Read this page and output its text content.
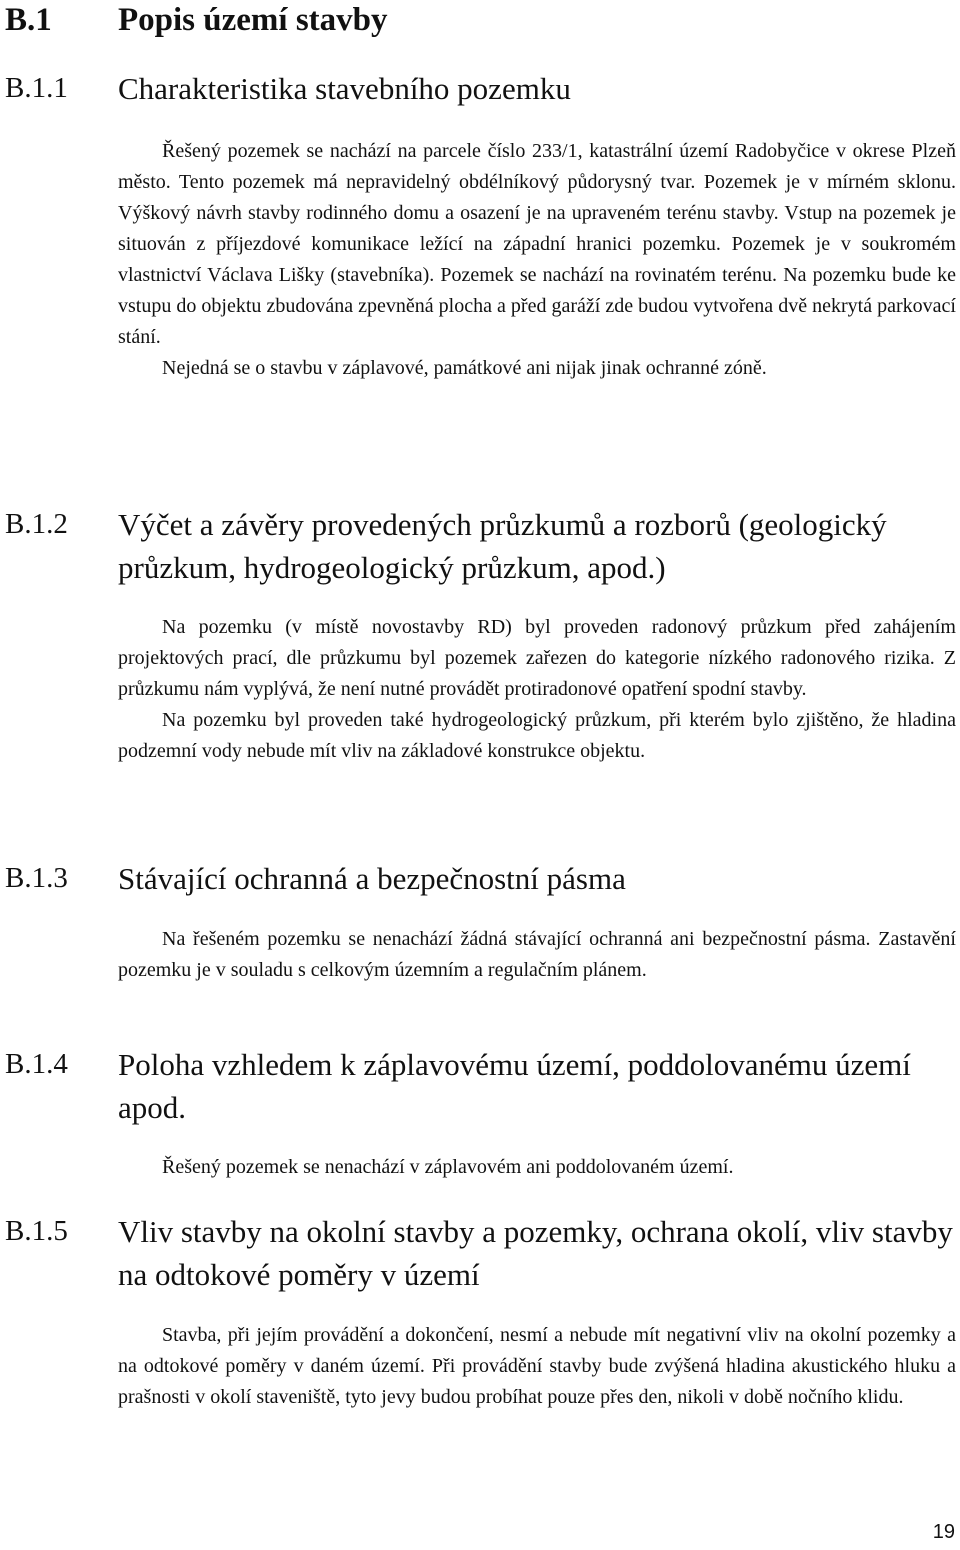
B.1 Popis území stavby
B.1.1 Charakteristika stavebního pozemku

Řešený pozemek se nachází na parcele číslo 233/1, katastrální území Radobyčice v okrese Plzeň město. Tento pozemek má nepravidelný obdélníkový půdorysný tvar. Pozemek je v mírném sklonu. Výškový návrh stavby rodinného domu a osazení je na upraveném terénu stavby. Vstup na pozemek je situován z příjezdové komunikace ležící na západní hranici pozemku. Pozemek je v soukromém vlastnictví Václava Lišky (stavebníka). Pozemek se nachází na rovinatém terénu. Na pozemku bude ke vstupu do objektu zbudována zpevněná plocha a před garáží zde budou vytvořena dvě nekrytá parkovací stání.

Nejedná se o stavbu v záplavové, památkové ani nijak jinak ochranné zóně.

B.1.2 Výčet a závěry provedených průzkumů a rozborů (geologický průzkum, hydrogeologický průzkum, apod.)

Na pozemku (v místě novostavby RD) byl proveden radonový průzkum před zahájením projektových prací, dle průzkumu byl pozemek zařezen do kategorie nízkého radonového rizika. Z průzkumu nám vyplývá, že není nutné provádět protiradonové opatření spodní stavby.

Na pozemku byl proveden také hydrogeologický průzkum, při kterém bylo zjištěno, že hladina podzemní vody nebude mít vliv na základové konstrukce objektu.

B.1.3 Stávající ochranná a bezpečnostní pásma

Na řešeném pozemku se nenachází žádná stávající ochranná ani bezpečnostní pásma. Zastavění pozemku je v souladu s celkovým územním a regulačním plánem.

B.1.4 Poloha vzhledem k záplavovému území, poddolovanému území apod.

Řešený pozemek se nenachází v záplavovém ani poddolovaném území.

B.1.5 Vliv stavby na okolní stavby a pozemky, ochrana okolí, vliv stavby na odtokové poměry v území

Stavba, při jejím provádění a dokončení, nesmí a nebude mít negativní vliv na okolní pozemky a na odtokové poměry v daném území. Při provádění stavby bude zvýšená hladina akustického hluku a prašnosti v okolí staveniště, tyto jevy budou probíhat pouze přes den, nikoli v době nočního klidu.

19
